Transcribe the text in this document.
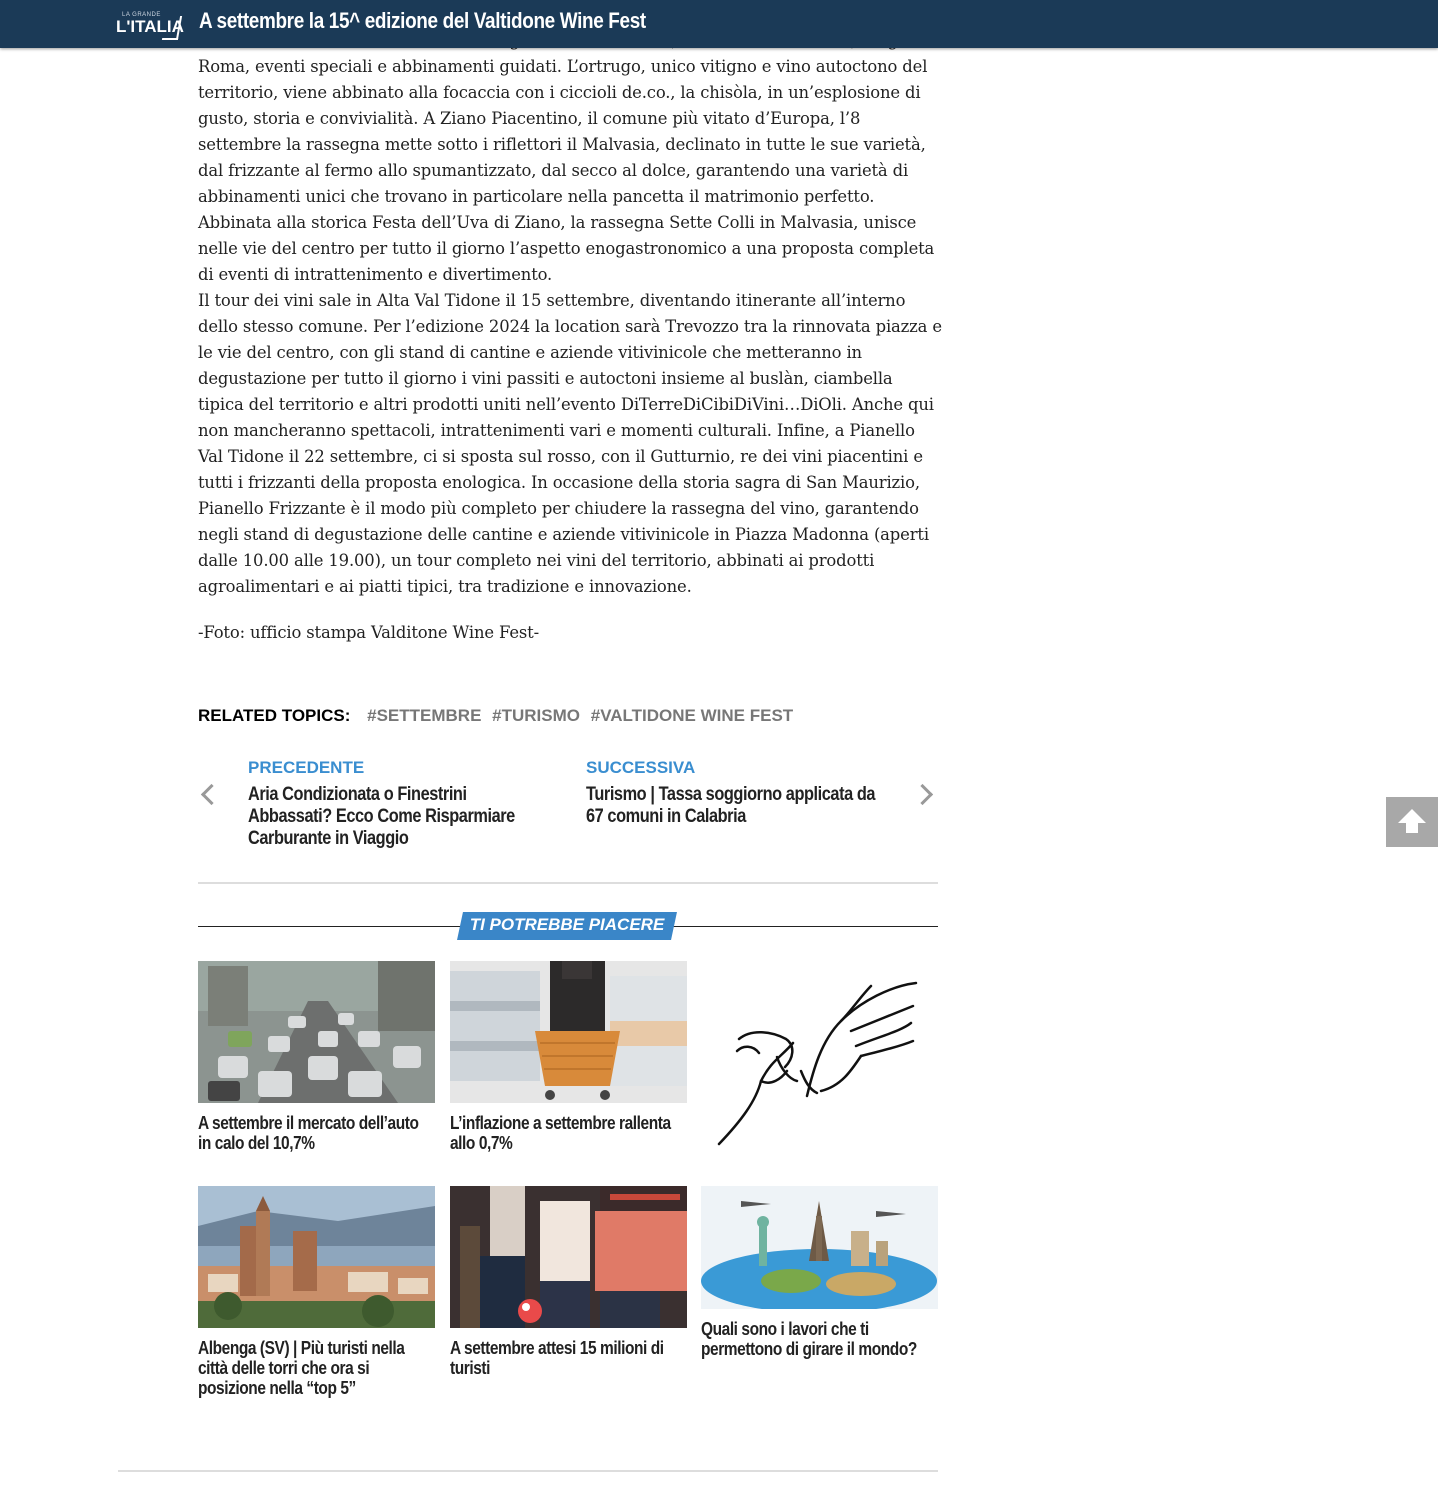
LA GRANDE
L'ITALIA A settembre la 15^ edizione del Valtidone Wine Fest

Roma, eventi speciali e abbinamenti guidati. L’ortrugo, unico vitigno e vino autoctono del territorio, viene abbinato alla focaccia con i ciccioli de.co., la chisòla, in un’esplosione di gusto, storia e convivialità. A Ziano Piacentino, il comune più vitato d’Europa, l’8 settembre la rassegna mette sotto i riflettori il Malvasia, declinato in tutte le sue varietà, dal frizzante al fermo allo spumantizzato, dal secco al dolce, garantendo una varietà di abbinamenti unici che trovano in particolare nella pancetta il matrimonio perfetto. Abbinata alla storica Festa dell’Uva di Ziano, la rassegna Sette Colli in Malvasia, unisce nelle vie del centro per tutto il giorno l’aspetto enogastronomico a una proposta completa di eventi di intrattenimento e divertimento.

Il tour dei vini sale in Alta Val Tidone il 15 settembre, diventando itinerante all’interno dello stesso comune. Per l’edizione 2024 la location sarà Trevozzo tra la rinnovata piazza e le vie del centro, con gli stand di cantine e aziende vitivinicole che metteranno in degustazione per tutto il giorno i vini passiti e autoctoni insieme al buslàn, ciambella tipica del territorio e altri prodotti uniti nell’evento DiTerreDiCibiDiVini…DiOli. Anche qui non mancheranno spettacoli, intrattenimenti vari e momenti culturali. Infine, a Pianello Val Tidone il 22 settembre, ci si sposta sul rosso, con il Gutturnio, re dei vini piacentini e tutti i frizzanti della proposta enologica. In occasione della storia sagra di San Maurizio, Pianello Frizzante è il modo più completo per chiudere la rassegna del vino, garantendo negli stand di degustazione delle cantine e aziende vitivinicole in Piazza Madonna (aperti dalle 10.00 alle 19.00), un tour completo nei vini del territorio, abbinati ai prodotti agroalimentari e ai piatti tipici, tra tradizione e innovazione.

-Foto: ufficio stampa Valditone Wine Fest-

RELATED TOPICS: #SETTEMBRE #TURISMO #VALTIDONE WINE FEST
PRECEDENTE
Aria Condizionata o Finestrini Abbassati? Ecco Come Risparmiare Carburante in Viaggio
SUCCESSIVA
Turismo | Tassa soggiorno applicata da 67 comuni in Calabria
TI POTREBBE PIACERE
A settembre il mercato dell’auto in calo del 10,7%
L’inflazione a settembre rallenta allo 0,7%
Albenga (SV) | Più turisti nella città delle torri che ora si posizione nella “top 5”
A settembre attesi 15 milioni di turisti
Quali sono i lavori che ti permettono di girare il mondo?
